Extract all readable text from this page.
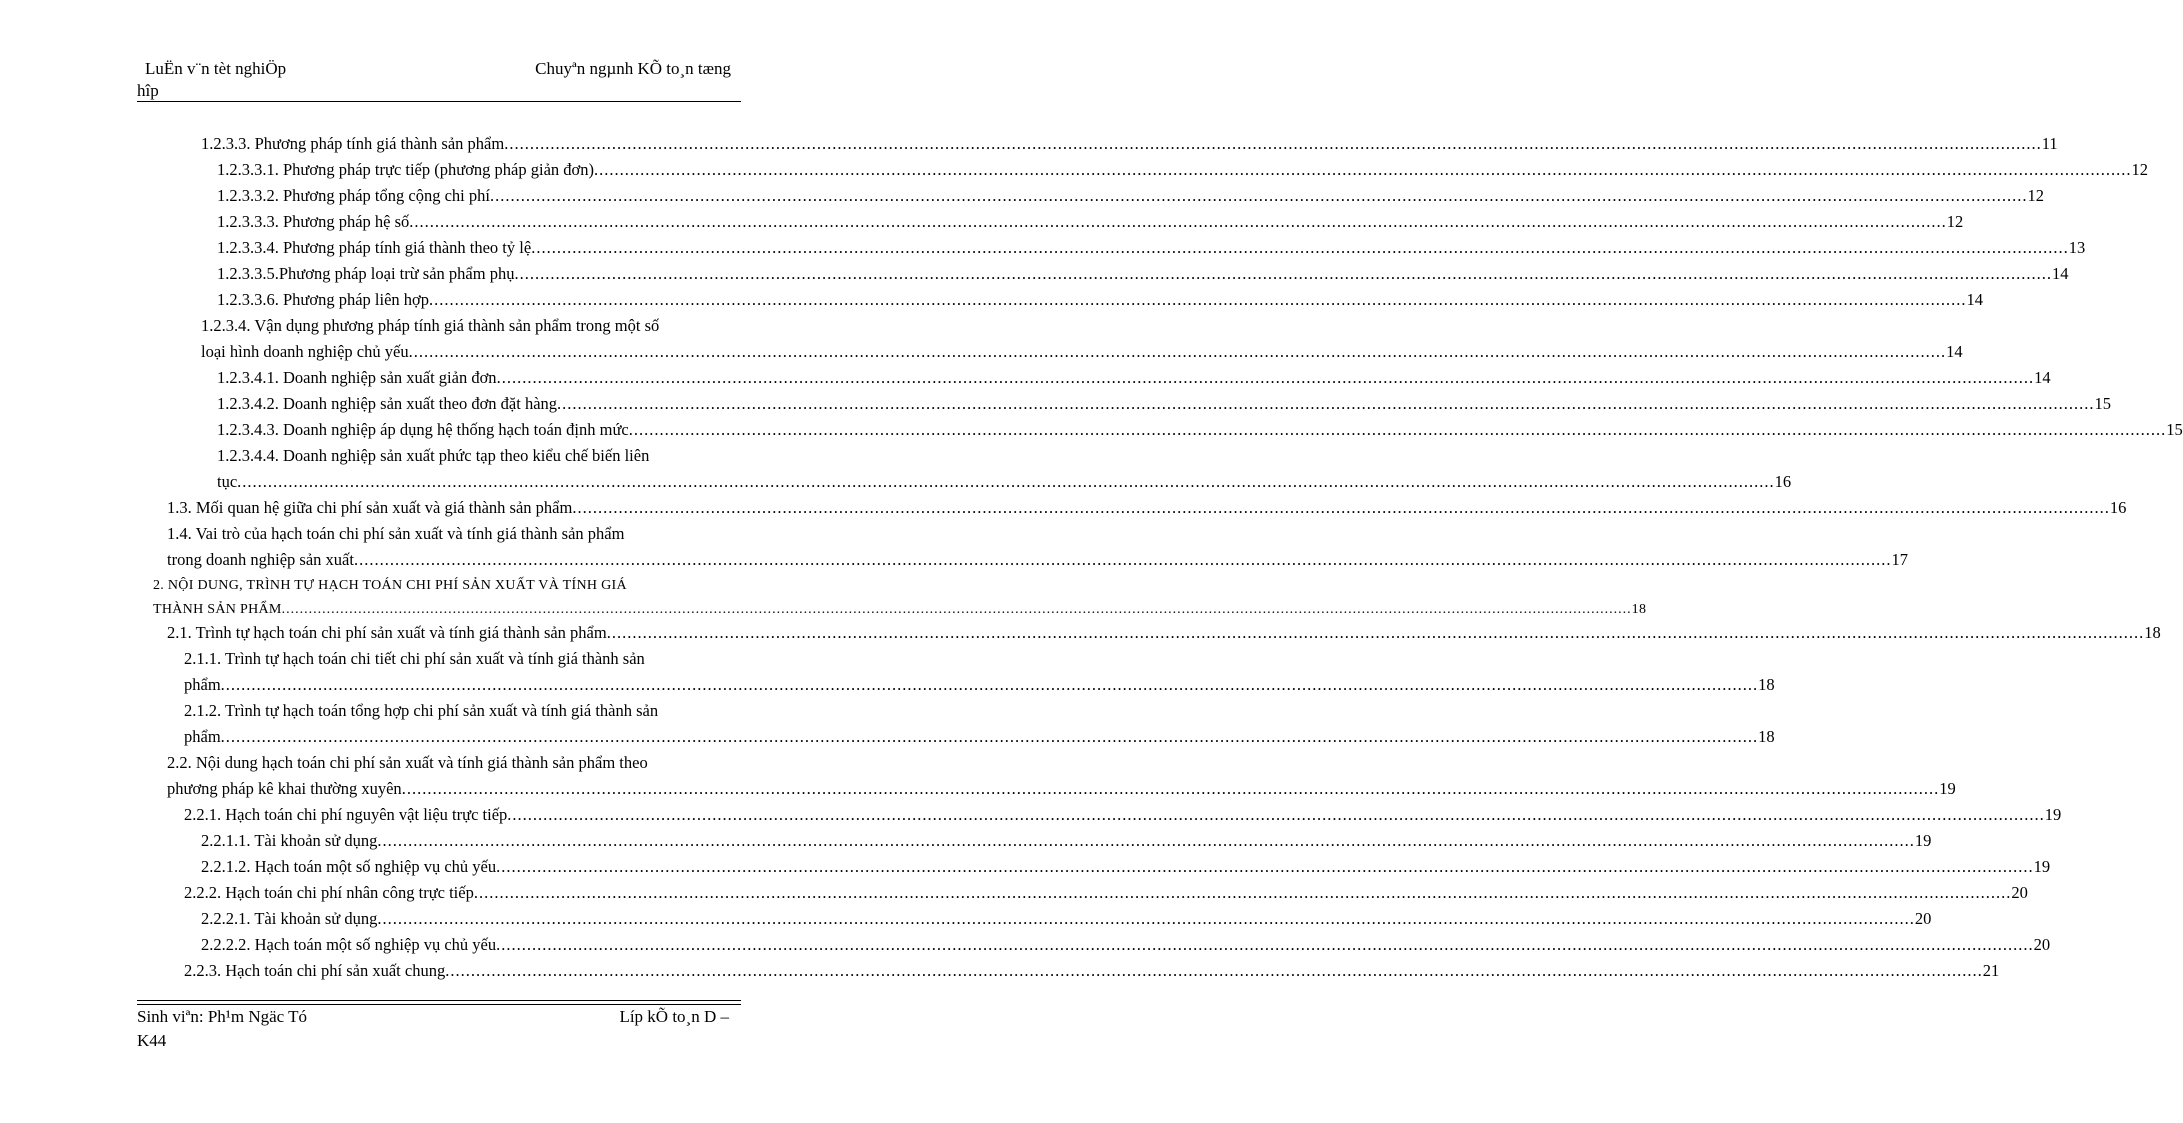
LuËn v¨n tèt nghiÖp
hîp
Chuyªn ngµnh KÕ to¸n tæng
1.2.3.3. Phương pháp tính giá thành sản phẩm ............................................................................................................................................................................................................................................................................................................ 11
1.2.3.3.1. Phương pháp trực tiếp (phương pháp giản đơn) ............................................................................................................................................................................................................................................................................................................ 12
1.2.3.3.2. Phương pháp tổng cộng chi phí ............................................................................................................................................................................................................................................................................................................ 12
1.2.3.3.3. Phương pháp hệ số ............................................................................................................................................................................................................................................................................................................ 12
1.2.3.3.4. Phương pháp tính giá thành theo tỷ lệ ............................................................................................................................................................................................................................................................................................................ 13
1.2.3.3.5.Phương pháp loại trừ sản phẩm phụ ............................................................................................................................................................................................................................................................................................................ 14
1.2.3.3.6. Phương pháp liên hợp ............................................................................................................................................................................................................................................................................................................ 14
1.2.3.4. Vận dụng phương pháp tính giá thành sản phẩm trong một số
loại hình doanh nghiệp chủ yếu ............................................................................................................................................................................................................................................................................................................ 14
1.2.3.4.1. Doanh nghiệp sản xuất giản đơn ............................................................................................................................................................................................................................................................................................................ 14
1.2.3.4.2. Doanh nghiệp sản xuất theo đơn đặt hàng ............................................................................................................................................................................................................................................................................................................ 15
1.2.3.4.3. Doanh nghiệp áp dụng hệ thống hạch toán định mức ............................................................................................................................................................................................................................................................................................................ 15
1.2.3.4.4. Doanh nghiệp sản xuất phức tạp theo kiểu chế biến liên
tục ............................................................................................................................................................................................................................................................................................................ 16
1.3. Mối quan hệ giữa chi phí sản xuất và giá thành sản phẩm ............................................................................................................................................................................................................................................................................................................ 16
1.4. Vai trò của hạch toán chi phí sản xuất và tính giá thành sản phẩm
trong doanh nghiệp sản xuất ............................................................................................................................................................................................................................................................................................................ 17
2. NỘI DUNG, TRÌNH TỰ HẠCH TOÁN CHI PHÍ SẢN XUẤT VÀ TÍNH GIÁ
THÀNH SẢN PHẨM ............................................................................................................................................................................................................................................................................................................ 18
2.1. Trình tự hạch toán chi phí sản xuất và tính giá thành sản phẩm ............................................................................................................................................................................................................................................................................................................ 18
2.1.1. Trình tự hạch toán chi tiết chi phí sản xuất và tính giá thành sản
phẩm ............................................................................................................................................................................................................................................................................................................ 18
2.1.2. Trình tự hạch toán tổng hợp chi phí sản xuất và tính giá thành sản
phẩm ............................................................................................................................................................................................................................................................................................................ 18
2.2. Nội dung hạch toán chi phí sản xuất và tính giá thành sản phẩm theo
phương pháp kê khai thường xuyên ............................................................................................................................................................................................................................................................................................................ 19
2.2.1. Hạch toán chi phí nguyên vật liệu trực tiếp ............................................................................................................................................................................................................................................................................................................ 19
2.2.1.1. Tài khoản sử dụng ............................................................................................................................................................................................................................................................................................................ 19
2.2.1.2. Hạch toán một số nghiệp vụ chủ yếu ............................................................................................................................................................................................................................................................................................................ 19
2.2.2. Hạch toán chi phí nhân công trực tiếp ............................................................................................................................................................................................................................................................................................................ 20
2.2.2.1. Tài khoản sử dụng ............................................................................................................................................................................................................................................................................................................ 20
2.2.2.2. Hạch toán một số nghiệp vụ chủ yếu ............................................................................................................................................................................................................................................................................................................ 20
2.2.3. Hạch toán chi phí sản xuất chung ............................................................................................................................................................................................................................................................................................................ 21
Sinh viªn: Ph¹m Ngäc Tó
K44
Líp kÕ to¸n D –
